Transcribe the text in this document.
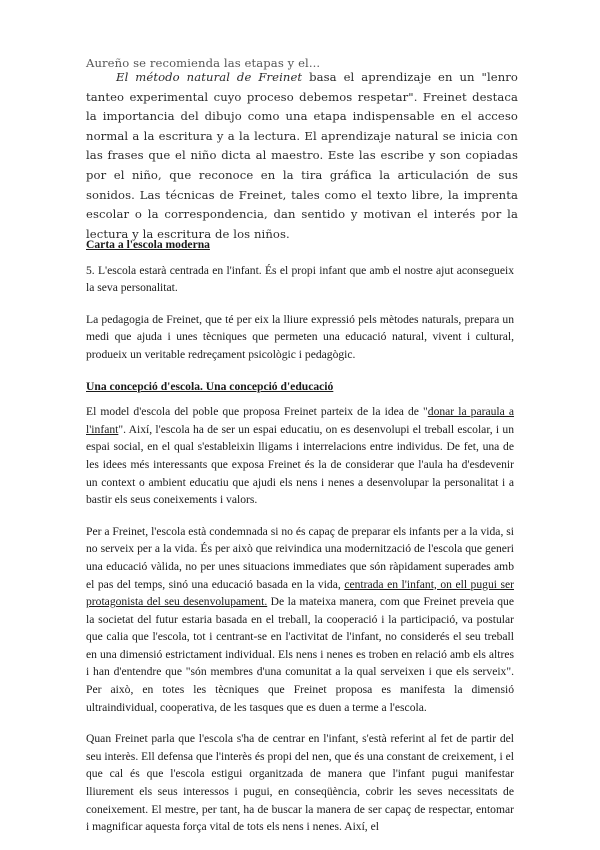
Aureño se recomienda las etapas y el...

El método natural de Freinet basa el aprendizaje en un "lenro tanteo experimental cuyo proceso debemos respetar". Freinet destaca la importancia del dibujo como una etapa indispensable en el acceso normal a la escritura y a la lectura. El aprendizaje natural se inicia con las frases que el niño dicta al maestro. Este las escribe y son copiadas por el niño, que reconoce en la tira gráfica la articulación de sus sonidos. Las técnicas de Freinet, tales como el texto libre, la imprenta escolar o la correspondencia, dan sentido y motivan el interés por la lectura y la escritura de los niños.

Carta a l'escola moderna

5. L'escola estarà centrada en l'infant. És el propi infant que amb el nostre ajut aconsegueix la seva personalitat.

La pedagogia de Freinet, que té per eix la lliure expressió pels mètodes naturals, prepara un medi que ajuda i unes tècniques que permeten una educació natural, vivent i cultural, produeix un veritable redreçament psicològic i pedagògic.

Una concepció d'escola. Una concepció d'educació

El model d'escola del poble que proposa Freinet parteix de la idea de "donar la paraula a l'infant". Així, l'escola ha de ser un espai educatiu, on es desenvolupi el treball escolar, i un espai social, en el qual s'estableixin lligams i interrelacions entre individus. De fet, una de les idees més interessants que exposa Freinet és la de considerar que l'aula ha d'esdevenir un context o ambient educatiu que ajudi els nens i nenes a desenvolupar la personalitat i a bastir els seus coneixements i valors.

Per a Freinet, l'escola està condemnada si no és capaç de preparar els infants per a la vida, si no serveix per a la vida. És per això que reivindica una modernització de l'escola que generi una educació vàlida, no per unes situacions immediates que són ràpidament superades amb el pas del temps, sinó una educació basada en la vida, centrada en l'infant, on ell pugui ser protagonista del seu desenvolupament. De la mateixa manera, com que Freinet preveia que la societat del futur estaria basada en el treball, la cooperació i la participació, va postular que calia que l'escola, tot i centrant-se en l'activitat de l'infant, no considerés el seu treball en una dimensió estrictament individual. Els nens i nenes es troben en relació amb els altres i han d'entendre que "són membres d'una comunitat a la qual serveixen i que els serveix". Per això, en totes les tècniques que Freinet proposa es manifesta la dimensió ultraindividual, cooperativa, de les tasques que es duen a terme a l'escola.

Quan Freinet parla que l'escola s'ha de centrar en l'infant, s'està referint al fet de partir del seu interès. Ell defensa que l'interès és propi del nen, que és una constant de creixement, i el que cal és que l'escola estigui organitzada de manera que l'infant pugui manifestar lliurement els seus interessos i pugui, en conseqüència, cobrir les seves necessitats de coneixement. El mestre, per tant, ha de buscar la manera de ser capaç de respectar, entomar i magnificar aquesta força vital de tots els nens i nenes. Així, el
